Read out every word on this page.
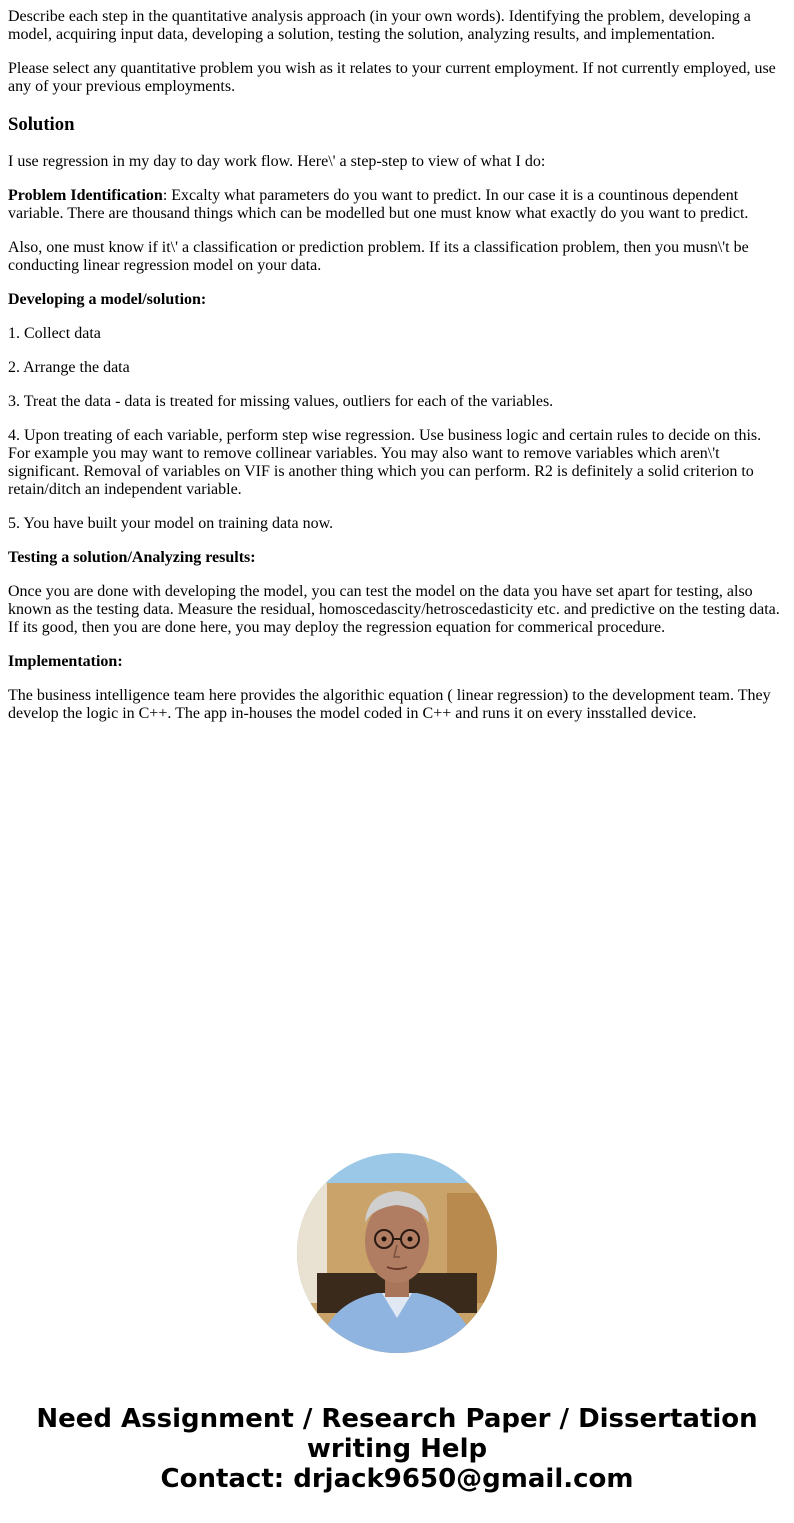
Describe each step in the quantitative analysis approach (in your own words). Identifying the problem, developing a model, acquiring input data, developing a solution, testing the solution, analyzing results, and implementation.

Please select any quantitative problem you wish as it relates to your current employment. If not currently employed, use any of your previous employments.

Solution

I use regression in my day to day work flow. Here\' a step-step to view of what I do:

Problem Identification: Excalty what parameters do you want to predict. In our case it is a countinous dependent variable. There are thousand things which can be modelled but one must know what exactly do you want to predict.

Also, one must know if it\' a classification or prediction problem. If its a classification problem, then you musn\'t be conducting linear regression model on your data.

Developing a model/solution:

1. Collect data

2. Arrange the data

3. Treat the data - data is treated for missing values, outliers for each of the variables.

4. Upon treating of each variable, perform step wise regression. Use business logic and certain rules to decide on this. For example you may want to remove collinear variables. You may also want to remove variables which aren\'t significant. Removal of variables on VIF is another thing which you can perform. R2 is definitely a solid criterion to retain/ditch an independent variable.

5. You have built your model on training data now.

Testing a solution/Analyzing results:

Once you are done with developing the model, you can test the model on the data you have set apart for testing, also known as the testing data. Measure the residual, homoscedascity/hetroscedasticity etc. and predictive on the testing data. If its good, then you are done here, you may deploy the regression equation for commerical procedure.

Implementation:

The business intelligence team here provides the algorithic equation ( linear regression) to the development team. They develop the logic in C++. The app in-houses the model coded in C++ and runs it on every insstalled device.

Need Assignment / Research Paper / Dissertation
writing Help
Contact: drjack9650@gmail.com
